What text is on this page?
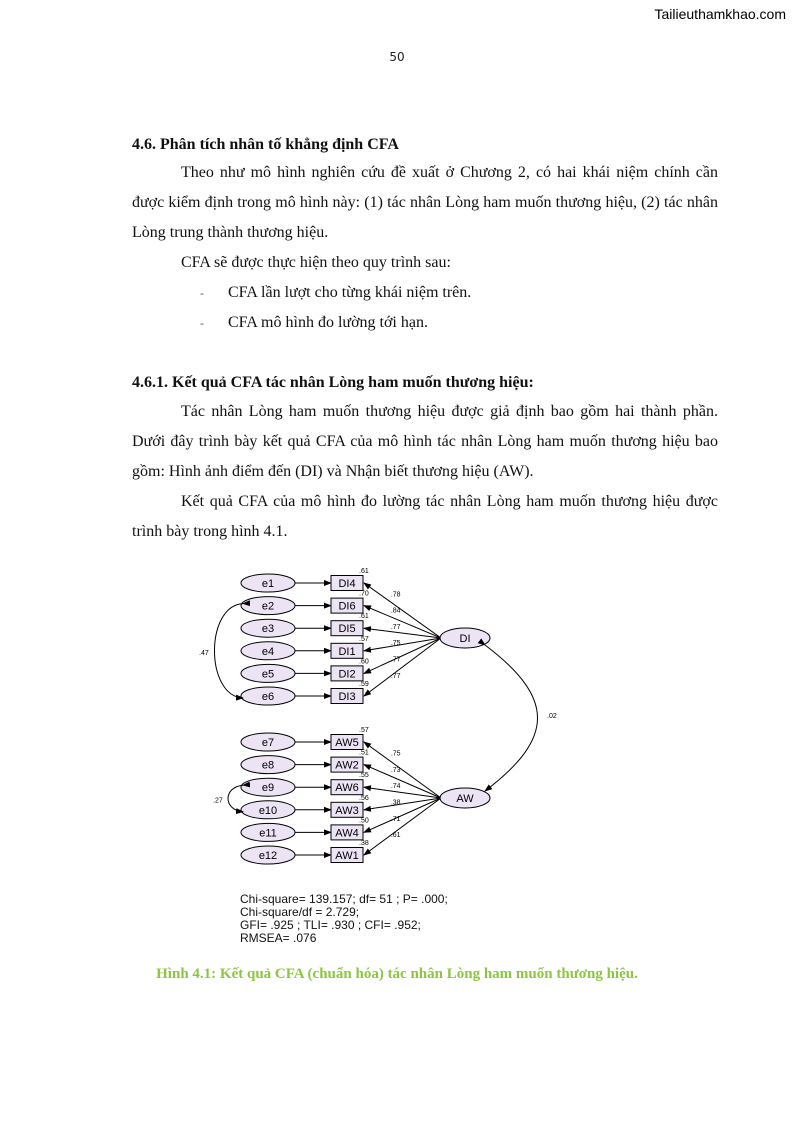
Tailieuthamkhao.com
50
4.6. Phân tích nhân tố khẳng định CFA
Theo như mô hình nghiên cứu đề xuất ở Chương 2, có hai khái niệm chính cần được kiểm định trong mô hình này: (1) tác nhân Lòng ham muốn thương hiệu, (2) tác nhân Lòng trung thành thương hiệu.
CFA sẽ được thực hiện theo quy trình sau:
- CFA lần lượt cho từng khái niệm trên.
- CFA mô hình đo lường tới hạn.
4.6.1. Kết quả CFA tác nhân Lòng ham muốn thương hiệu:
Tác nhân Lòng ham muốn thương hiệu được giả định bao gồm hai thành phần. Dưới đây trình bày kết quả CFA của mô hình tác nhân Lòng ham muốn thương hiệu bao gồm: Hình ảnh điểm đến (DI) và Nhận biết thương hiệu (AW).
Kết quả CFA của mô hình đo lường tác nhân Lòng ham muốn thương hiệu được trình bày trong hình 4.1.
e1	DI4
.61
.78
e2	DI6
.70
.84
e3	DI5
.61
.77
e4	DI1
.57
.75
e5	DI2
.60	.77
e6	DI3
.59
.77
DI
.47
e7	AW5
.57
.75
e8	AW2
.51
.73
e9	AW6
.55
.74
e10	AW3
.56
.38
e11	AW4
.50	.71
e12	AW1
.38
.61
AW
.27
.02
Chi-square= 139.157; df= 51 ; P= .000;
Chi-square/df = 2.729;
GFI= .925 ; TLI= .930 ; CFI= .952;
RMSEA= .076
Hình 4.1: Kết quả CFA (chuẩn hóa) tác nhân Lòng ham muốn thương hiệu.
